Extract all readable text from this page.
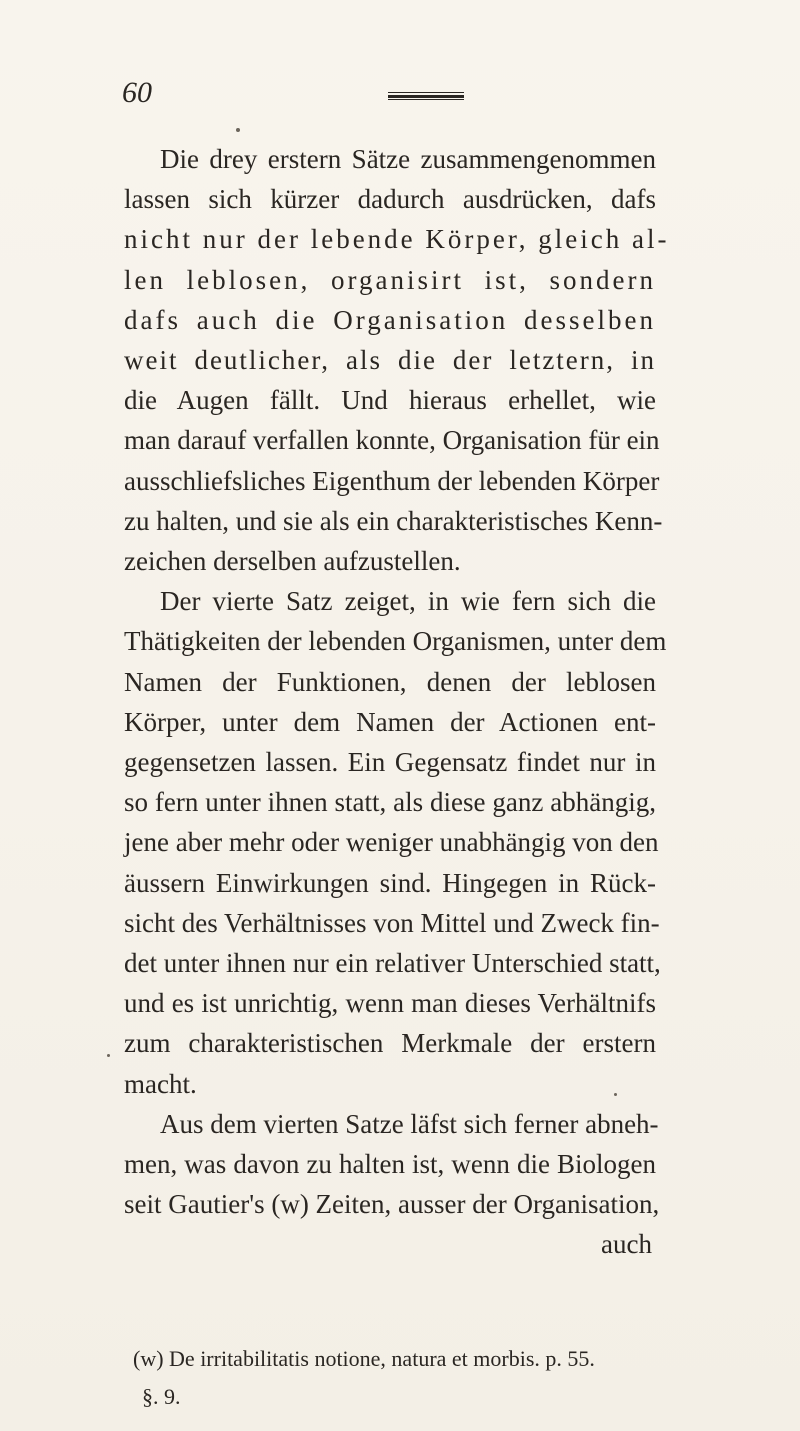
60
Die drey erstern Sätze zusammengenommen
lassen sich kürzer dadurch ausdrücken, dafs
nicht nur der lebende Körper, gleich al-
len leblosen, organisirt ist, sondern
dafs auch die Organisation desselben
weit deutlicher, als die der letztern, in
die Augen fällt. Und hieraus erhellet, wie
man darauf verfallen konnte, Organisation für ein
ausschliefsliches Eigenthum der lebenden Körper
zu halten, und sie als ein charakteristisches Kenn-
zeichen derselben aufzustellen.
Der vierte Satz zeiget, in wie fern sich die
Thätigkeiten der lebenden Organismen, unter dem
Namen der Funktionen, denen der leblosen
Körper, unter dem Namen der Actionen ent-
gegensetzen lassen. Ein Gegensatz findet nur in
so fern unter ihnen statt, als diese ganz abhängig,
jene aber mehr oder weniger unabhängig von den
äussern Einwirkungen sind. Hingegen in Rück-
sicht des Verhältnisses von Mittel und Zweck fin-
det unter ihnen nur ein relativer Unterschied statt,
und es ist unrichtig, wenn man dieses Verhältnifs
zum charakteristischen Merkmale der erstern
macht.
Aus dem vierten Satze läfst sich ferner abneh-
men, was davon zu halten ist, wenn die Biologen
seit Gautier's (w) Zeiten, ausser der Organisation,
auch
(w) De irritabilitatis notione, natura et morbis. p. 55.
§. 9.
